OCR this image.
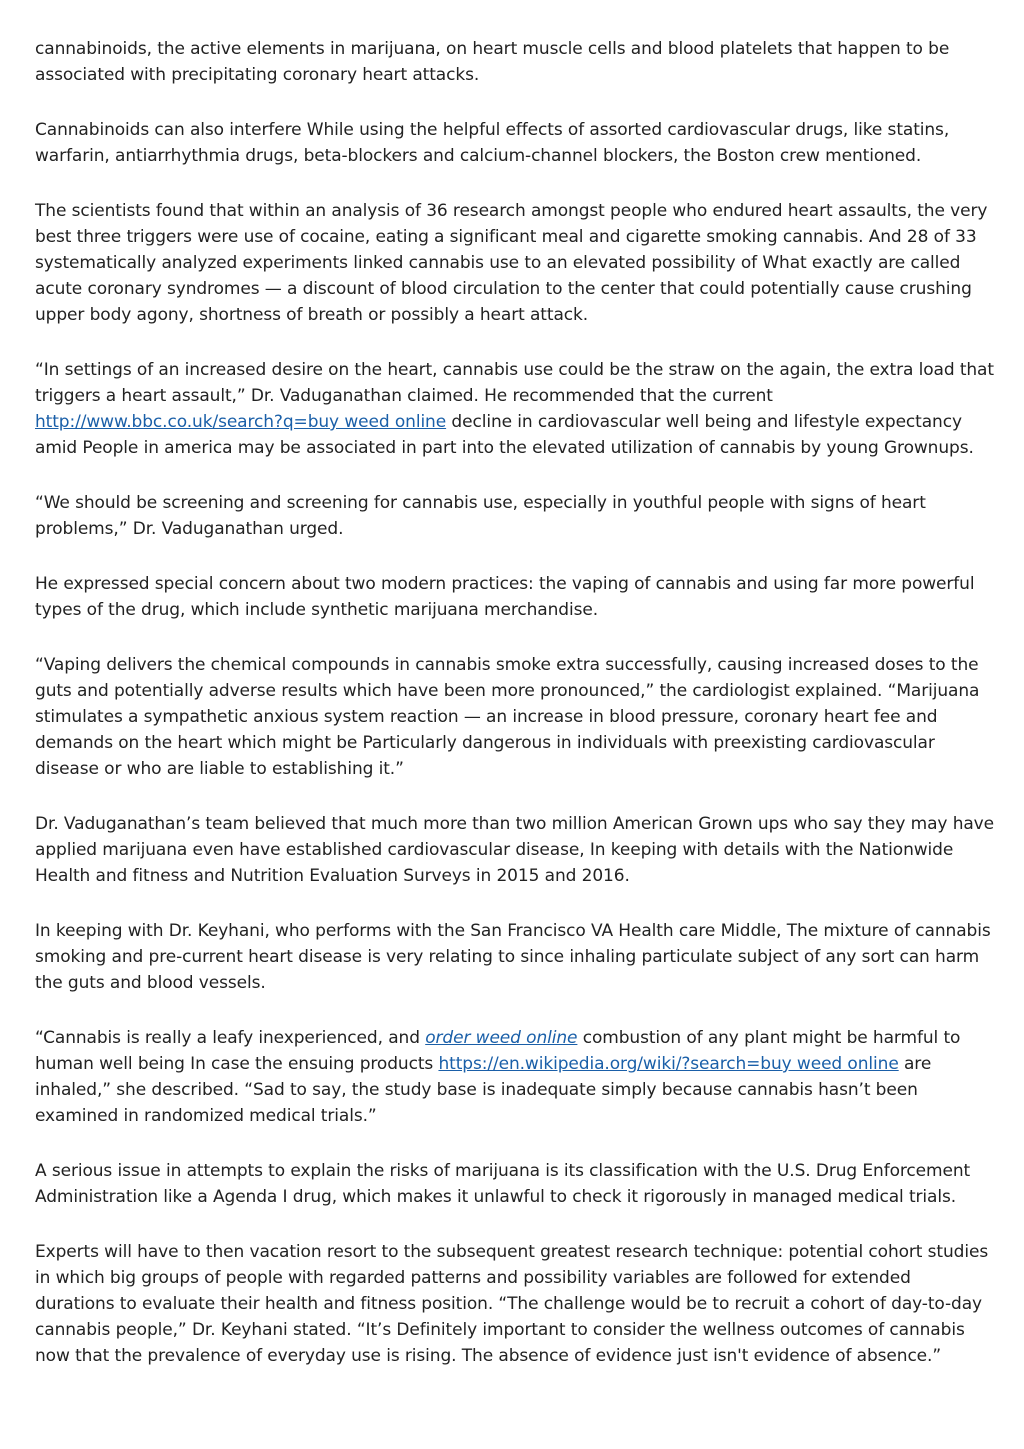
cannabinoids, the active elements in marijuana, on heart muscle cells and blood platelets that happen to be associated with precipitating coronary heart attacks.

Cannabinoids can also interfere While using the helpful effects of assorted cardiovascular drugs, like statins, warfarin, antiarrhythmia drugs, beta-blockers and calcium-channel blockers, the Boston crew mentioned.

The scientists found that within an analysis of 36 research amongst people who endured heart assaults, the very best three triggers were use of cocaine, eating a significant meal and cigarette smoking cannabis. And 28 of 33 systematically analyzed experiments linked cannabis use to an elevated possibility of What exactly are called acute coronary syndromes — a discount of blood circulation to the center that could potentially cause crushing upper body agony, shortness of breath or possibly a heart attack.

“In settings of an increased desire on the heart, cannabis use could be the straw on the again, the extra load that triggers a heart assault,” Dr. Vaduganathan claimed. He recommended that the current http://www.bbc.co.uk/search?q=buy weed online decline in cardiovascular well being and lifestyle expectancy amid People in america may be associated in part into the elevated utilization of cannabis by young Grownups.

“We should be screening and screening for cannabis use, especially in youthful people with signs of heart problems,” Dr. Vaduganathan urged.

He expressed special concern about two modern practices: the vaping of cannabis and using far more powerful types of the drug, which include synthetic marijuana merchandise.

“Vaping delivers the chemical compounds in cannabis smoke extra successfully, causing increased doses to the guts and potentially adverse results which have been more pronounced,” the cardiologist explained. “Marijuana stimulates a sympathetic anxious system reaction — an increase in blood pressure, coronary heart fee and demands on the heart which might be Particularly dangerous in individuals with preexisting cardiovascular disease or who are liable to establishing it.”

Dr. Vaduganathan’s team believed that much more than two million American Grown ups who say they may have applied marijuana even have established cardiovascular disease, In keeping with details with the Nationwide Health and fitness and Nutrition Evaluation Surveys in 2015 and 2016.

In keeping with Dr. Keyhani, who performs with the San Francisco VA Health care Middle, The mixture of cannabis smoking and pre-current heart disease is very relating to since inhaling particulate subject of any sort can harm the guts and blood vessels.

“Cannabis is really a leafy inexperienced, and order weed online combustion of any plant might be harmful to human well being In case the ensuing products https://en.wikipedia.org/wiki/?search=buy weed online are inhaled,” she described. “Sad to say, the study base is inadequate simply because cannabis hasn’t been examined in randomized medical trials.”

A serious issue in attempts to explain the risks of marijuana is its classification with the U.S. Drug Enforcement Administration like a Agenda I drug, which makes it unlawful to check it rigorously in managed medical trials.

Experts will have to then vacation resort to the subsequent greatest research technique: potential cohort studies in which big groups of people with regarded patterns and possibility variables are followed for extended durations to evaluate their health and fitness position. “The challenge would be to recruit a cohort of day-to-day cannabis people,” Dr. Keyhani stated. “It’s Definitely important to consider the wellness outcomes of cannabis now that the prevalence of everyday use is rising. The absence of evidence just isn't evidence of absence.”
